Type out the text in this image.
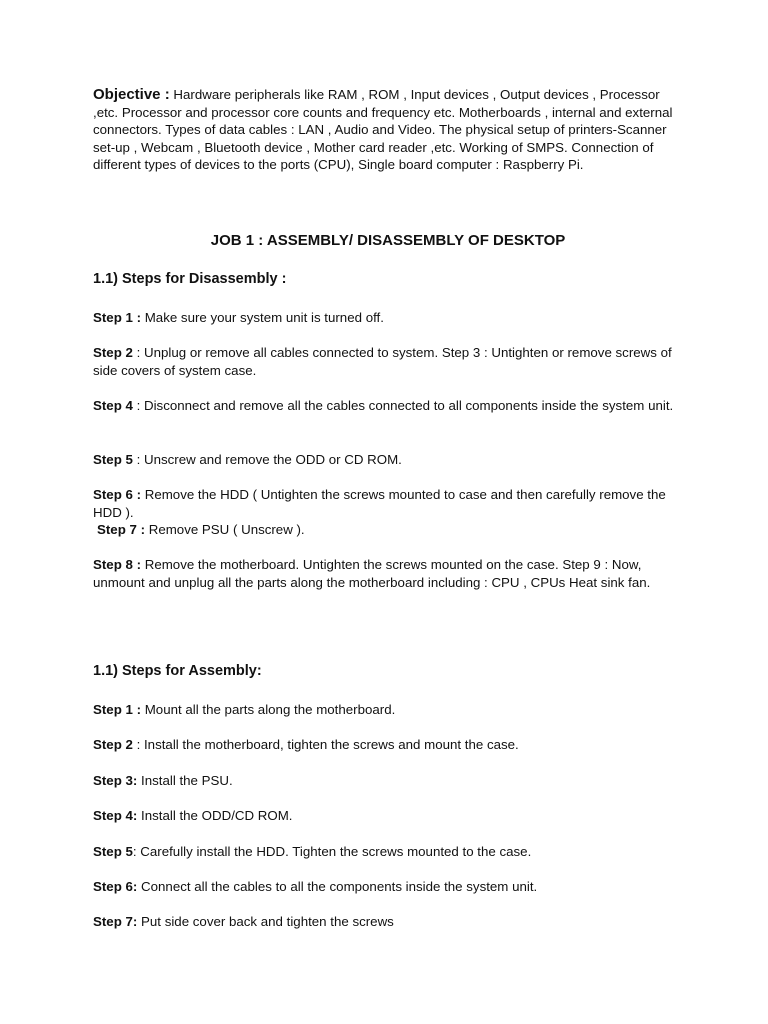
Objective : Hardware peripherals like RAM , ROM , Input devices , Output devices , Processor ,etc. Processor and processor core counts and frequency etc. Motherboards , internal and external connectors. Types of data cables : LAN , Audio and Video. The physical setup of printers-Scanner set-up , Webcam , Bluetooth device , Mother card reader ,etc. Working of SMPS. Connection of different types of devices to the ports (CPU), Single board computer : Raspberry Pi.

JOB 1 : ASSEMBLY/ DISASSEMBLY OF DESKTOP
1.1) Steps for Disassembly :

Step 1 : Make sure your system unit is turned off.

Step 2 : Unplug or remove all cables connected to system. Step 3 : Untighten or remove screws of side covers of system case.

Step 4 : Disconnect and remove all the cables connected to all components inside the system unit.

Step 5 : Unscrew and remove the ODD or CD ROM.

Step 6 : Remove the HDD ( Untighten the screws mounted to case and then carefully remove the HDD ).

Step 7 : Remove PSU ( Unscrew ).

Step 8 : Remove the motherboard. Untighten the screws mounted on the case. Step 9 : Now, unmount and unplug all the parts along the motherboard including : CPU , CPUs Heat sink fan.

1.1) Steps for Assembly:

Step 1 : Mount all the parts along the motherboard.

Step 2 : Install the motherboard, tighten the screws and mount the case.

Step 3: Install the PSU.

Step 4: Install the ODD/CD ROM.

Step 5: Carefully install the HDD. Tighten the screws mounted to the case.

Step 6: Connect all the cables to all the components inside the system unit.

Step 7: Put side cover back and tighten the screws
